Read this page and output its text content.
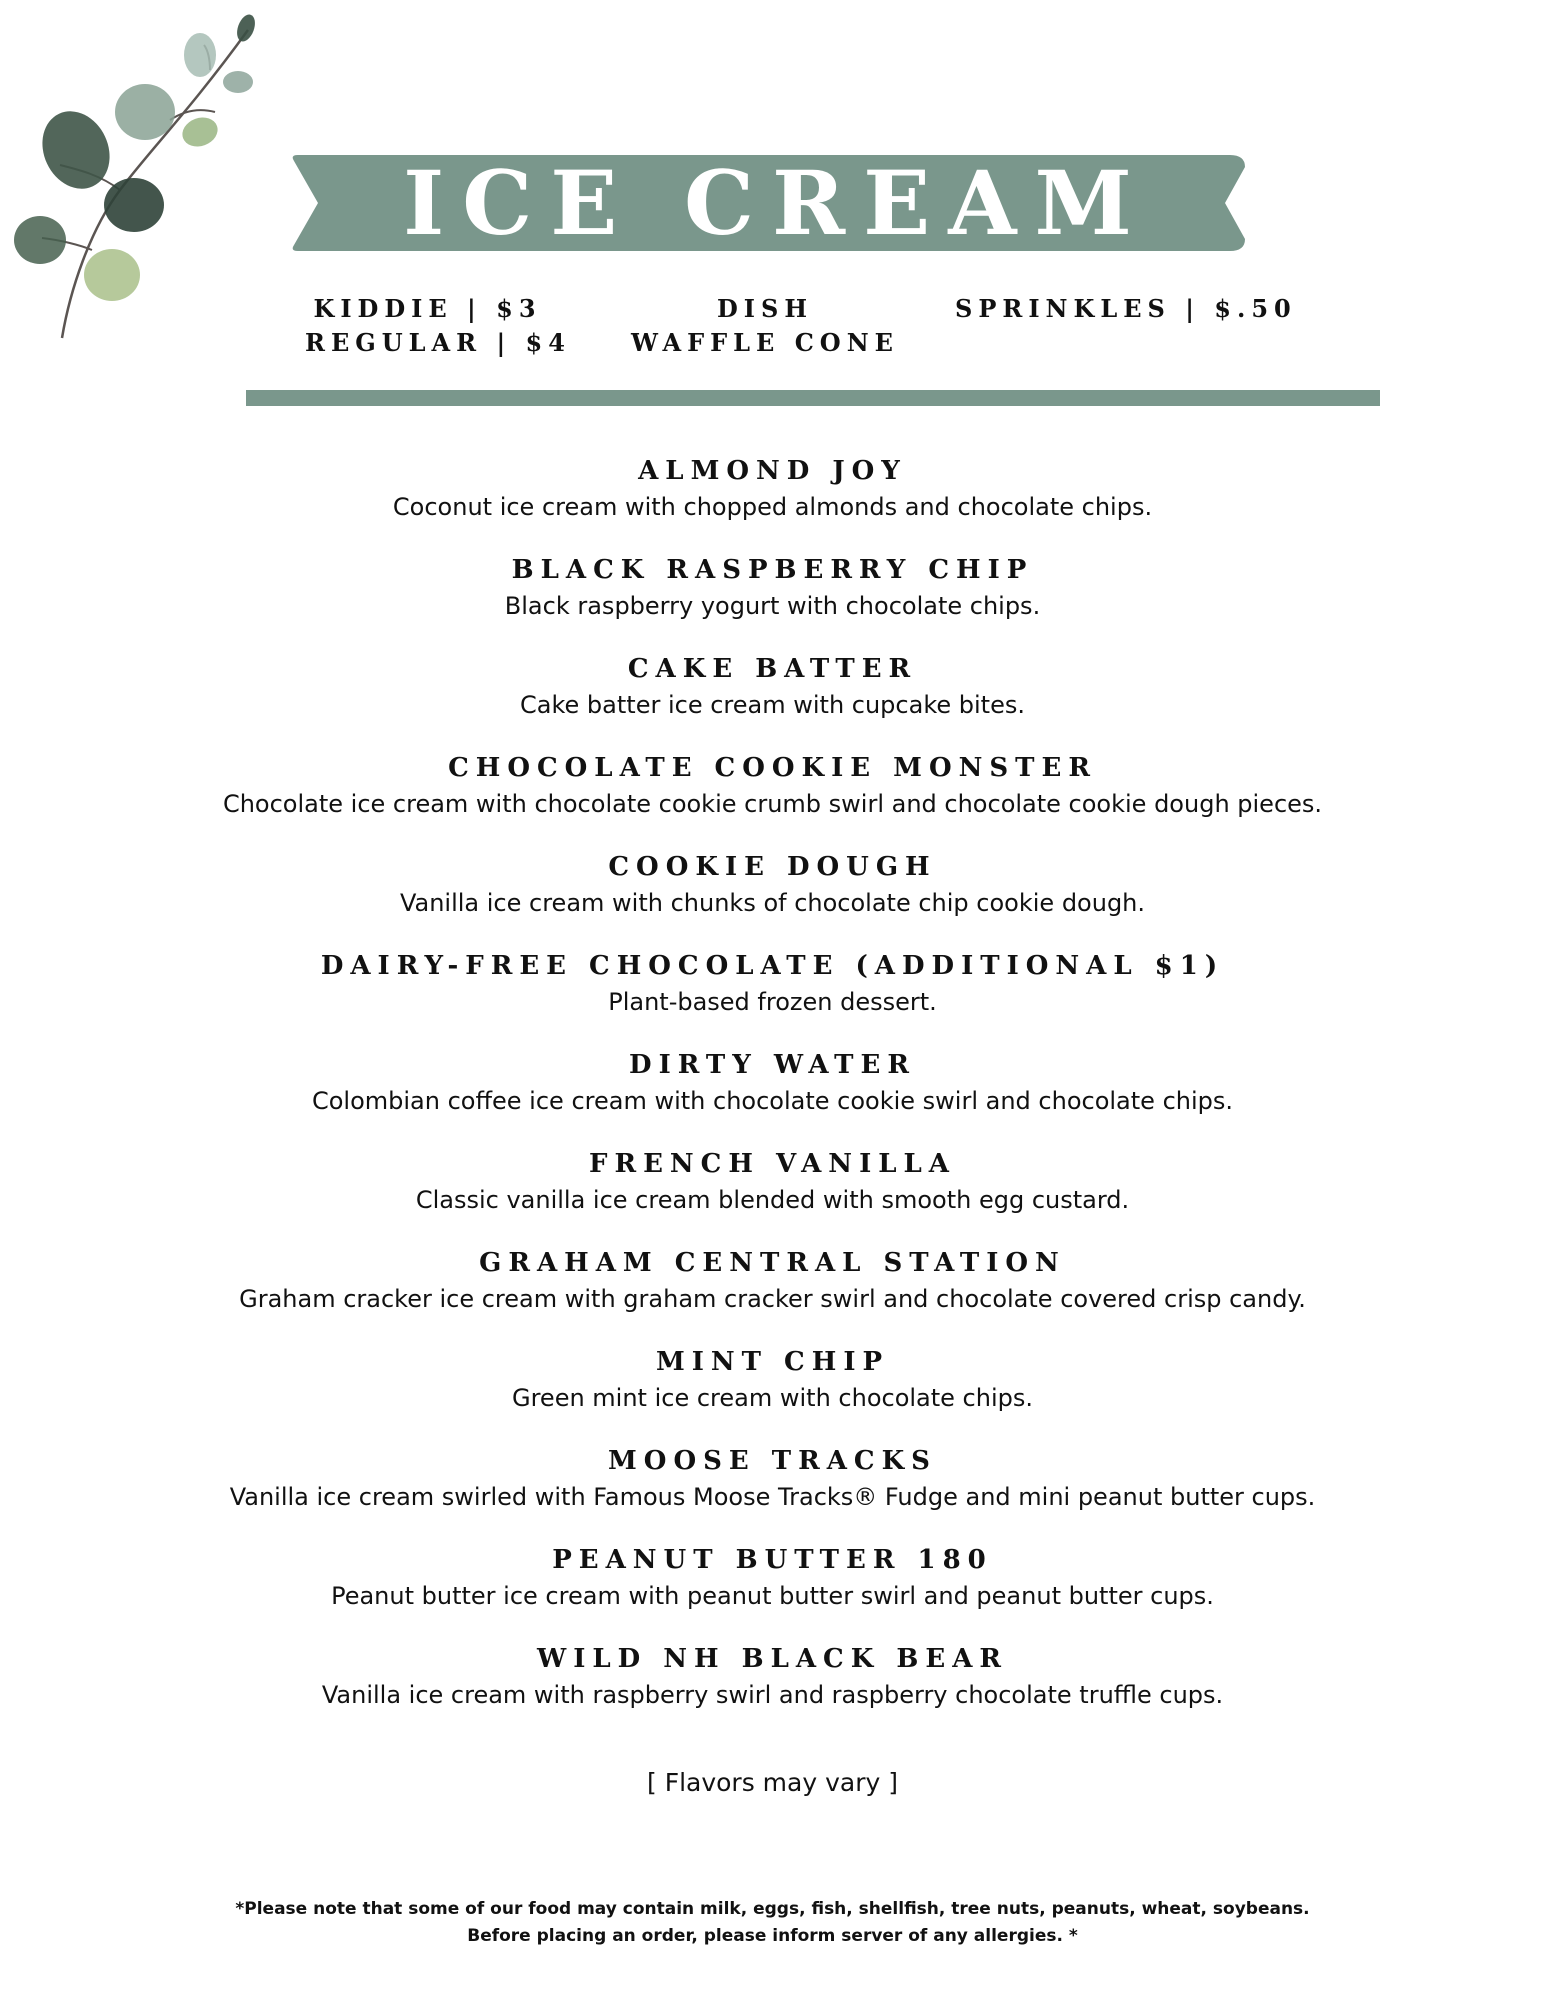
ICE CREAM
KIDDIE | $3
REGULAR | $4
DISH
WAFFLE CONE
SPRINKLES | $.50
ALMOND JOY
Coconut ice cream with chopped almonds and chocolate chips.
BLACK RASPBERRY CHIP
Black raspberry yogurt with chocolate chips.
CAKE BATTER
Cake batter ice cream with cupcake bites.
CHOCOLATE COOKIE MONSTER
Chocolate ice cream with chocolate cookie crumb swirl and chocolate cookie dough pieces.
COOKIE DOUGH
Vanilla ice cream with chunks of chocolate chip cookie dough.
DAIRY-FREE CHOCOLATE (ADDITIONAL $1)
Plant-based frozen dessert.
DIRTY WATER
Colombian coffee ice cream with chocolate cookie swirl and chocolate chips.
FRENCH VANILLA
Classic vanilla ice cream blended with smooth egg custard.
GRAHAM CENTRAL STATION
Graham cracker ice cream with graham cracker swirl and chocolate covered crisp candy.
MINT CHIP
Green mint ice cream with chocolate chips.
MOOSE TRACKS
Vanilla ice cream swirled with Famous Moose Tracks® Fudge and mini peanut butter cups.
PEANUT BUTTER 180
Peanut butter ice cream with peanut butter swirl and peanut butter cups.
WILD NH BLACK BEAR
Vanilla ice cream with raspberry swirl and raspberry chocolate truffle cups.
[ Flavors may vary ]
*Please note that some of our food may contain milk, eggs, fish, shellfish, tree nuts, peanuts, wheat, soybeans.
Before placing an order, please inform server of any allergies. *
